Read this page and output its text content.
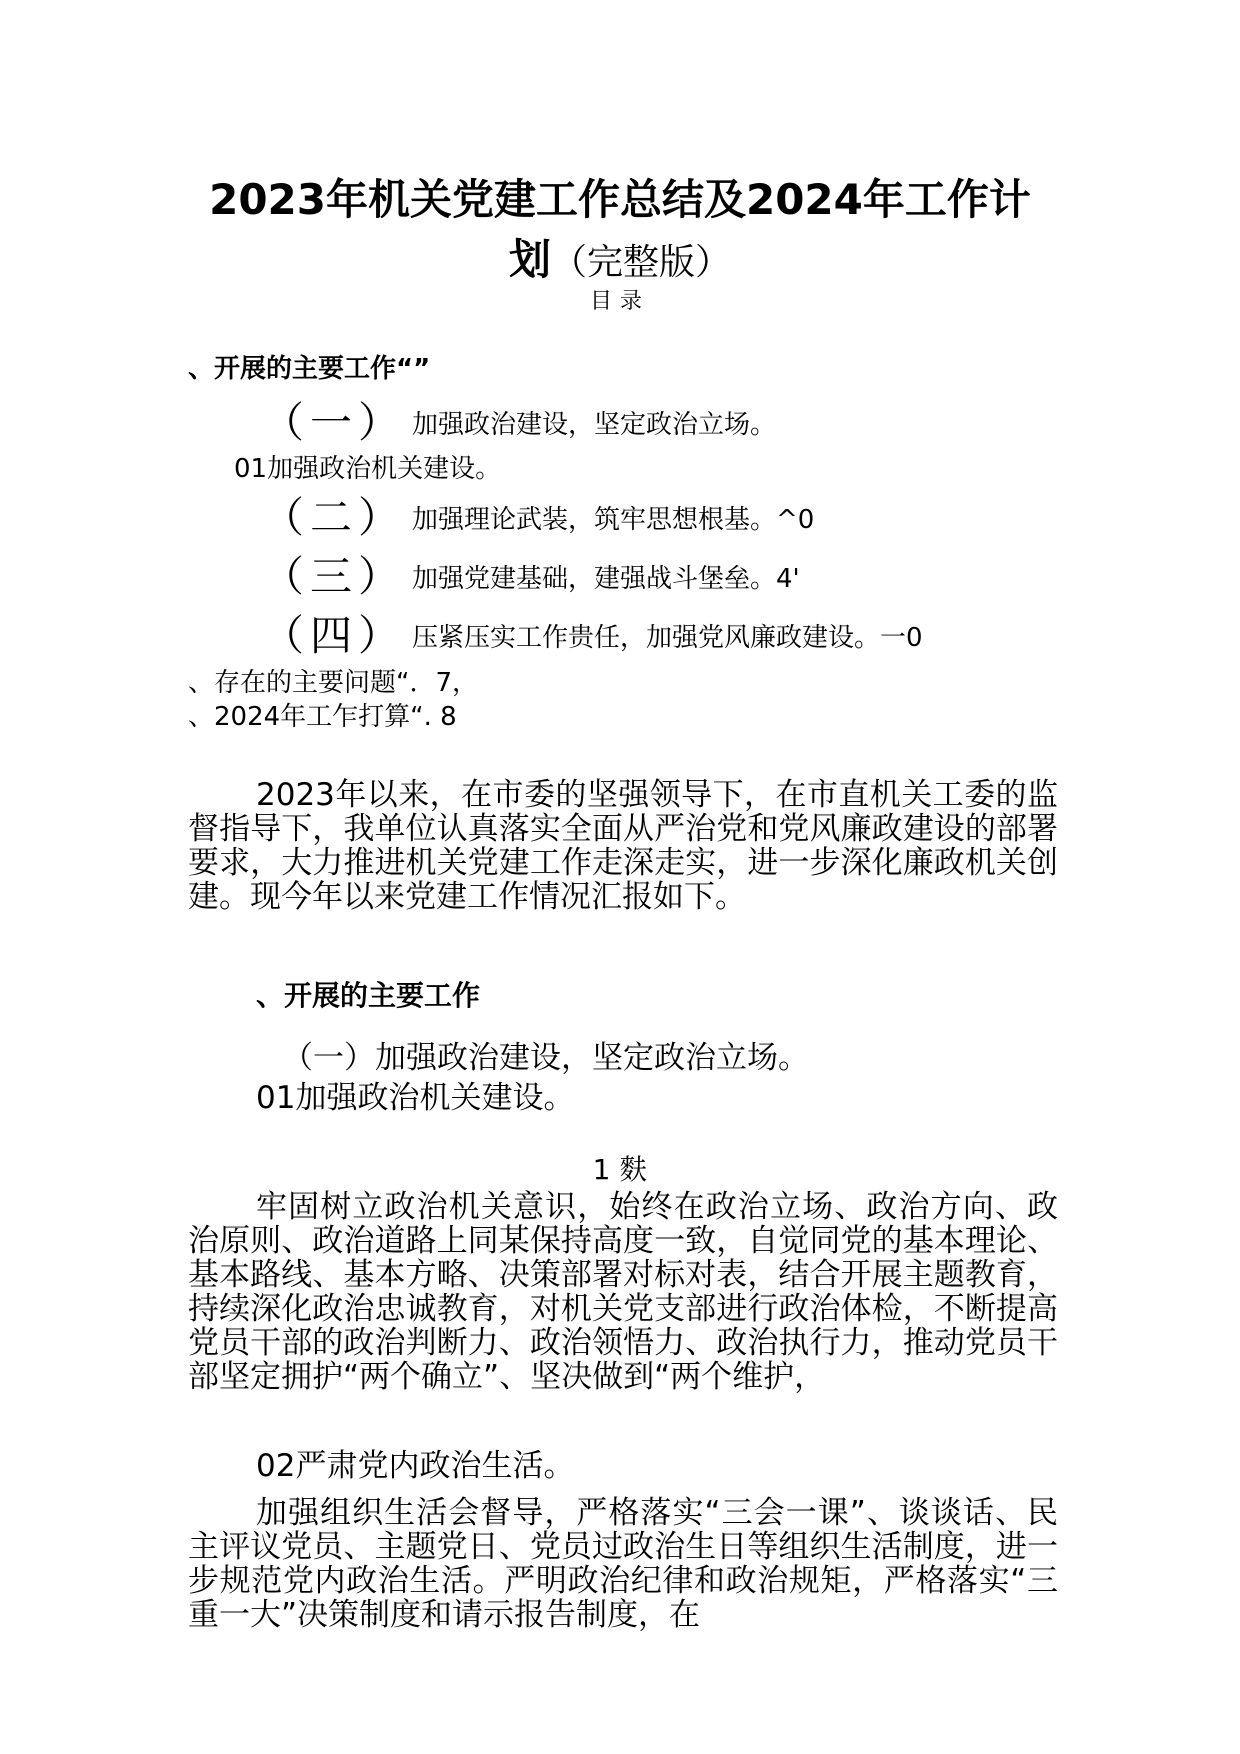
2023年机关党建工作总结及2024年工作计
划（完整版）
目录
、开展的主要工作“”
（一） 加强政治建设，坚定政治立场。
01加强政治机关建设。
（二） 加强理论武装，筑牢思想根基。^0
（三） 加强党建基础，建强战斗堡垒。4'
（四） 压紧压实工作贵任，加强党风廉政建设。一0
、存在的主要问题“．7，
、2024年工乍打算“. 8

2023年以来，在市委的坚强领导下，在市直机关工委的监督指导下，我单位认真落实全面从严治党和党风廉政建设的部署要求，大力推进机关党建工作走深走实，进一步深化廉政机关创建。现今年以来党建工作情况汇报如下。

、开展的主要工作
（一）加强政治建设，坚定政治立场。
01加强政治机关建设。
1 麩

牢固树立政治机关意识，始终在政治立场、政治方向、政治原则、政治道路上同某保持高度一致，自觉同党的基本理论、基本路线、基本方略、决策部署对标对表，结合开展主题教育，持续深化政治忠诚教育，对机关党支部进行政治体检，不断提高党员干部的政治判断力、政治领悟力、政治执行力，推动党员干部坚定拥护“两个确立”、坚决做到“两个维护，

02严肃党内政治生活。

加强组织生活会督导，严格落实“三会一课”、谈谈话、民主评议党员、主题党日、党员过政治生日等组织生活制度，进一步规范党内政治生活。严明政治纪律和政治规矩，严格落实“三重一大”决策制度和请示报告制度，在
